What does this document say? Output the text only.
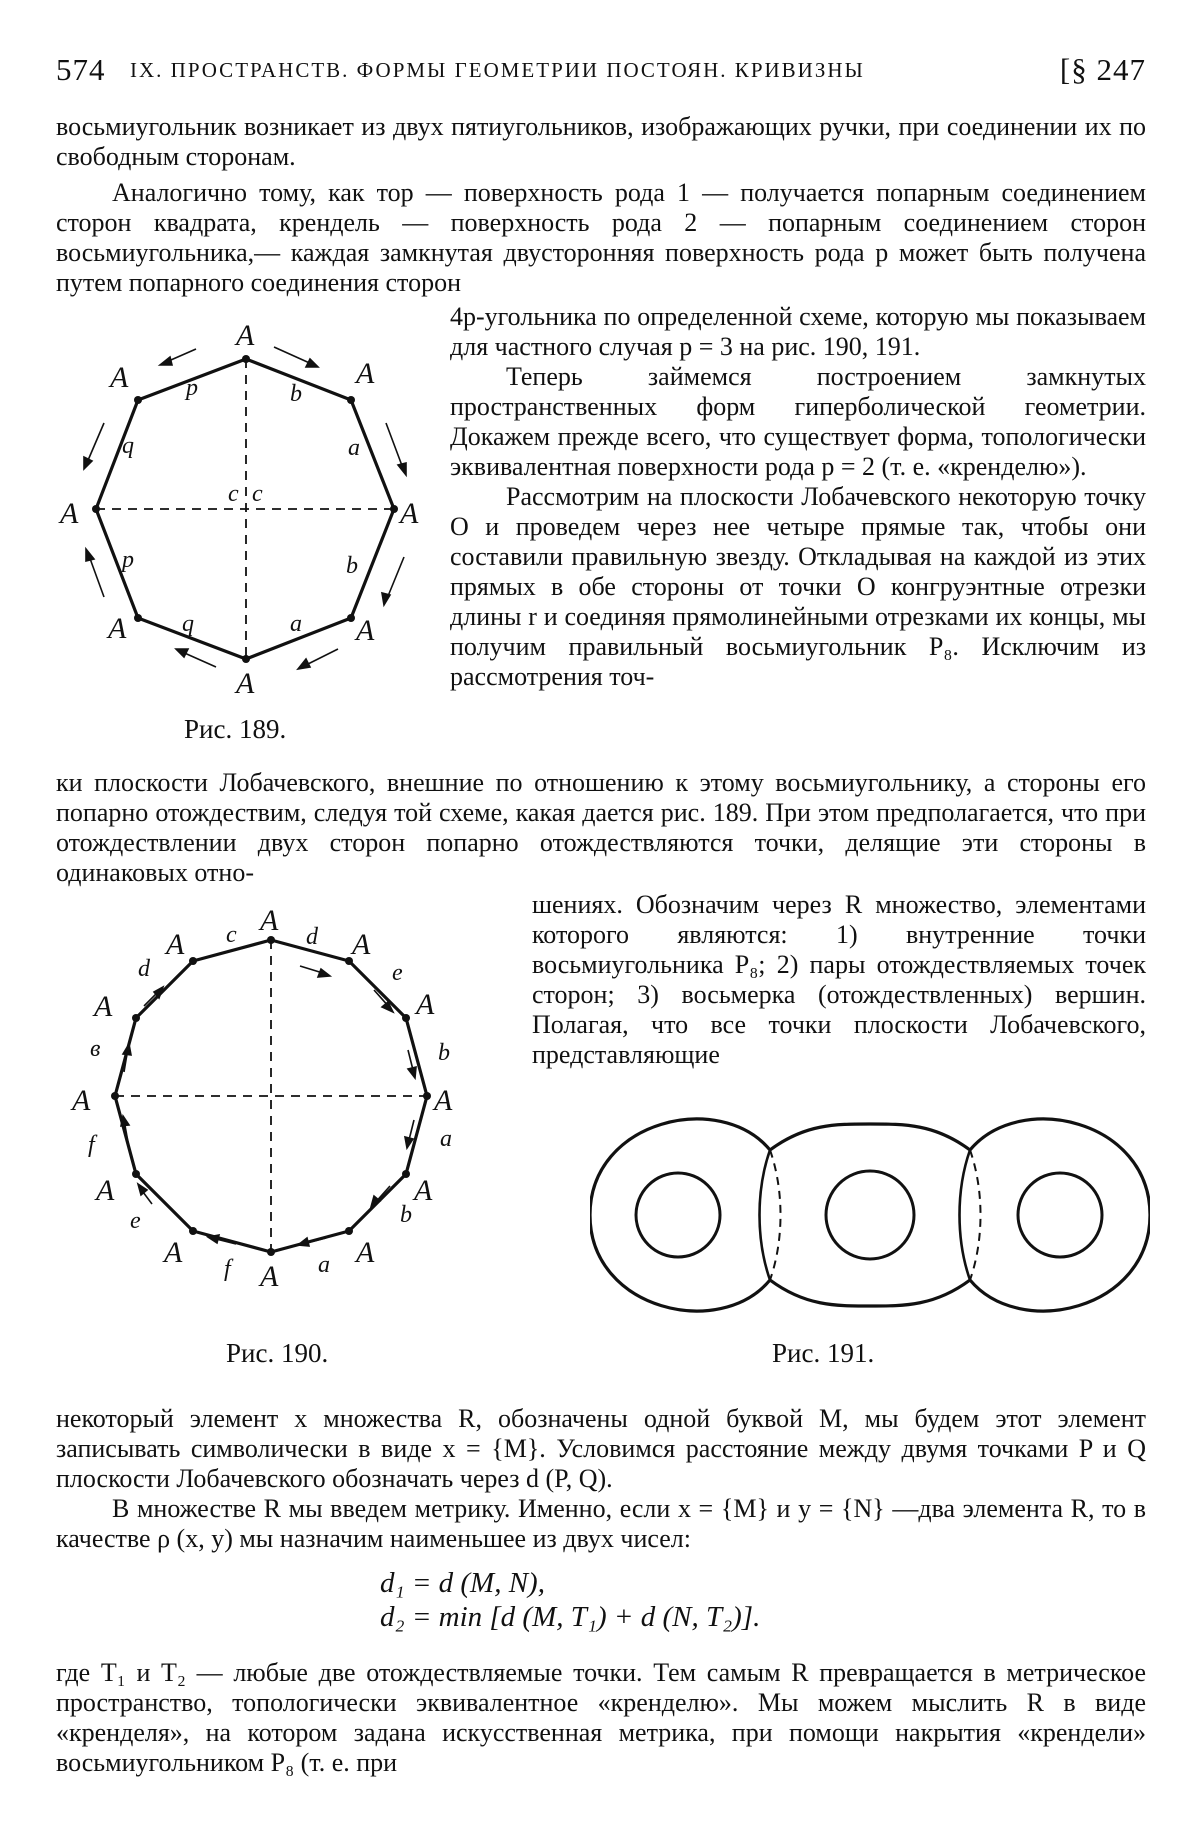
574 IX. ПРОСТРАНСТВ. ФОРМЫ ГЕОМЕТРИИ ПОСТОЯН. КРИВИЗНЫ	[§ 247

восьмиугольник возникает из двух пятиугольников, изображающих ручки, при соединении их по свободным сторонам.

Аналогично тому, как тор — поверхность рода 1 — получается попарным соединением сторон квадрата, крендель — поверхность рода 2 — попарным соединением сторон восьмиугольника,— каждая замкнутая двусторонняя поверхность рода p может быть получена путем попарного соединения сторон

4p-угольника по определенной схеме, которую мы показываем для частного случая p = 3 на рис. 190, 191.

Теперь займемся построением замкнутых пространственных форм гиперболической геометрии. Докажем прежде всего, что существует форма, топологически эквивалентная поверхности рода p = 2 (т. е. «кренделю»).

Рассмотрим на плоскости Лобачевского некоторую точку O и проведем через нее четыре прямые так, чтобы они составили правильную звезду. Откладывая на каждой из этих прямых в обе стороны от точки O конгруэнтные отрезки длины r и соединяя прямолинейными отрезками их концы, мы получим правильный восьмиугольник P₈. Исключим из рассмотрения точ-

ки плоскости Лобачевского, внешние по отношению к этому восьмиугольнику, а стороны его попарно отождествим, следуя той схеме, какая дается рис. 189. При этом предполагается, что при отождествлении двух сторон попарно отождествляются точки, делящие эти стороны в одинаковых отно-

шениях. Обозначим через R множество, элементами которого являются: 1) внутренние точки восьмиугольника P₈; 2) пары отождествляемых точек сторон; 3) восьмерка (отождествленных) вершин. Полагая, что все точки плоскости Лобачевского, представляющие

A
A
A
A
A
A
A
A p	b
a
b
a
q
p
q
c c
Рис. 189.
A
A
A
A
A
A
A
A
A
A
A
A c	d
e
b
a
b
a
f
e
f
в
d
Рис. 190.	Рис. 191.

некоторый элемент x множества R, обозначены одной буквой M, мы будем этот элемент записывать символически в виде x = {M}. Условимся расстояние между двумя точками P и Q плоскости Лобачевского обозначать через d (P, Q).

В множестве R мы введем метрику. Именно, если x = {M} и y = {N} —два элемента R, то в качестве ρ (x, y) мы назначим наименьшее из двух чисел:

d₁ = d (M, N),
d₂ = min [d (M, T₁) + d (N, T₂)].

где T₁ и T₂ — любые две отождествляемые точки. Тем самым R превращается в метрическое пространство, топологически эквивалентное «кренделю». Мы можем мыслить R в виде «кренделя», на котором задана искусственная метрика, при помощи накрытия «крендели» восьмиугольником P₈ (т. е. при
